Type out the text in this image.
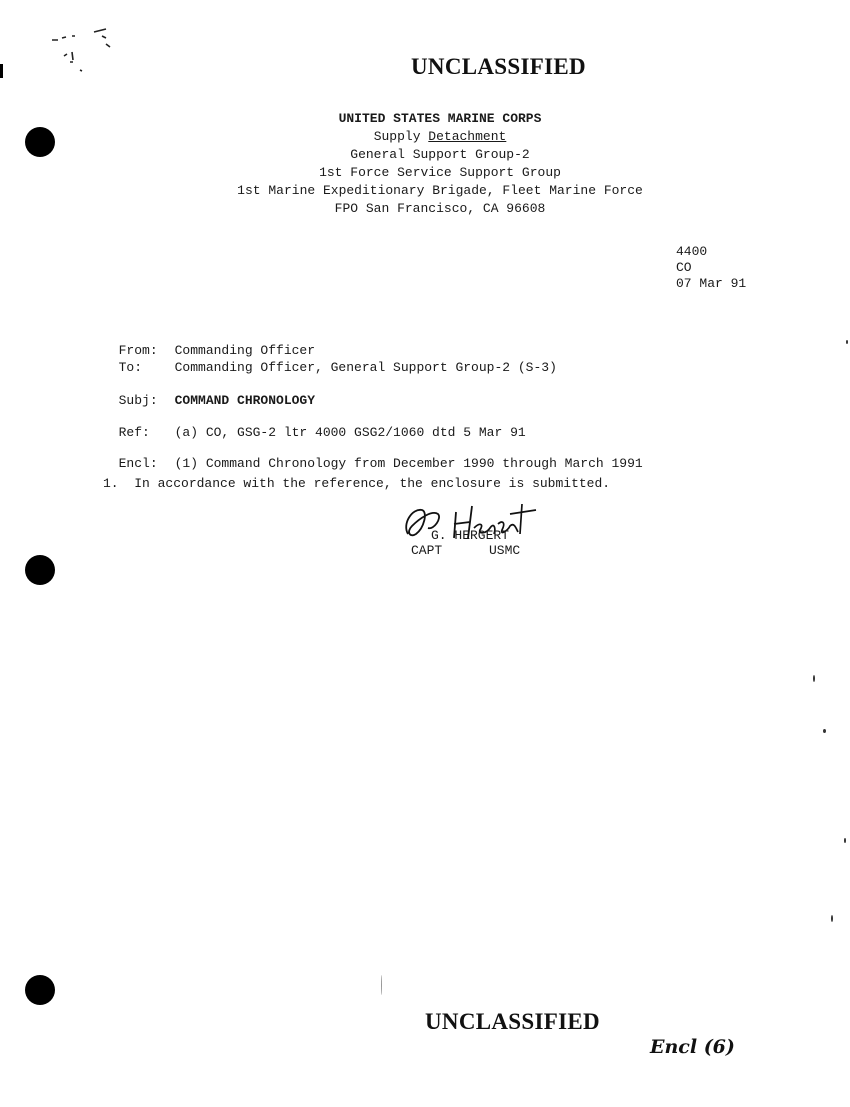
UNCLASSIFIED
UNITED STATES MARINE CORPS
Supply Detachment
General Support Group-2
1st Force Service Support Group
1st Marine Expeditionary Brigade, Fleet Marine Force
FPO San Francisco, CA 96608
4400
CO
07 Mar 91

From: Commanding Officer

To:	Commanding Officer, General Support Group-2 (S-3)

Subj: COMMAND CHRONOLOGY

Ref: (a) CO, GSG-2 ltr 4000 GSG2/1060 dtd 5 Mar 91

Encl: (1) Command Chronology from December 1990 through March 1991

1.  In accordance with the reference, the enclosure is submitted.
G. HERGERT
CAPT	USMC
UNCLASSIFIED
Encl (6)
